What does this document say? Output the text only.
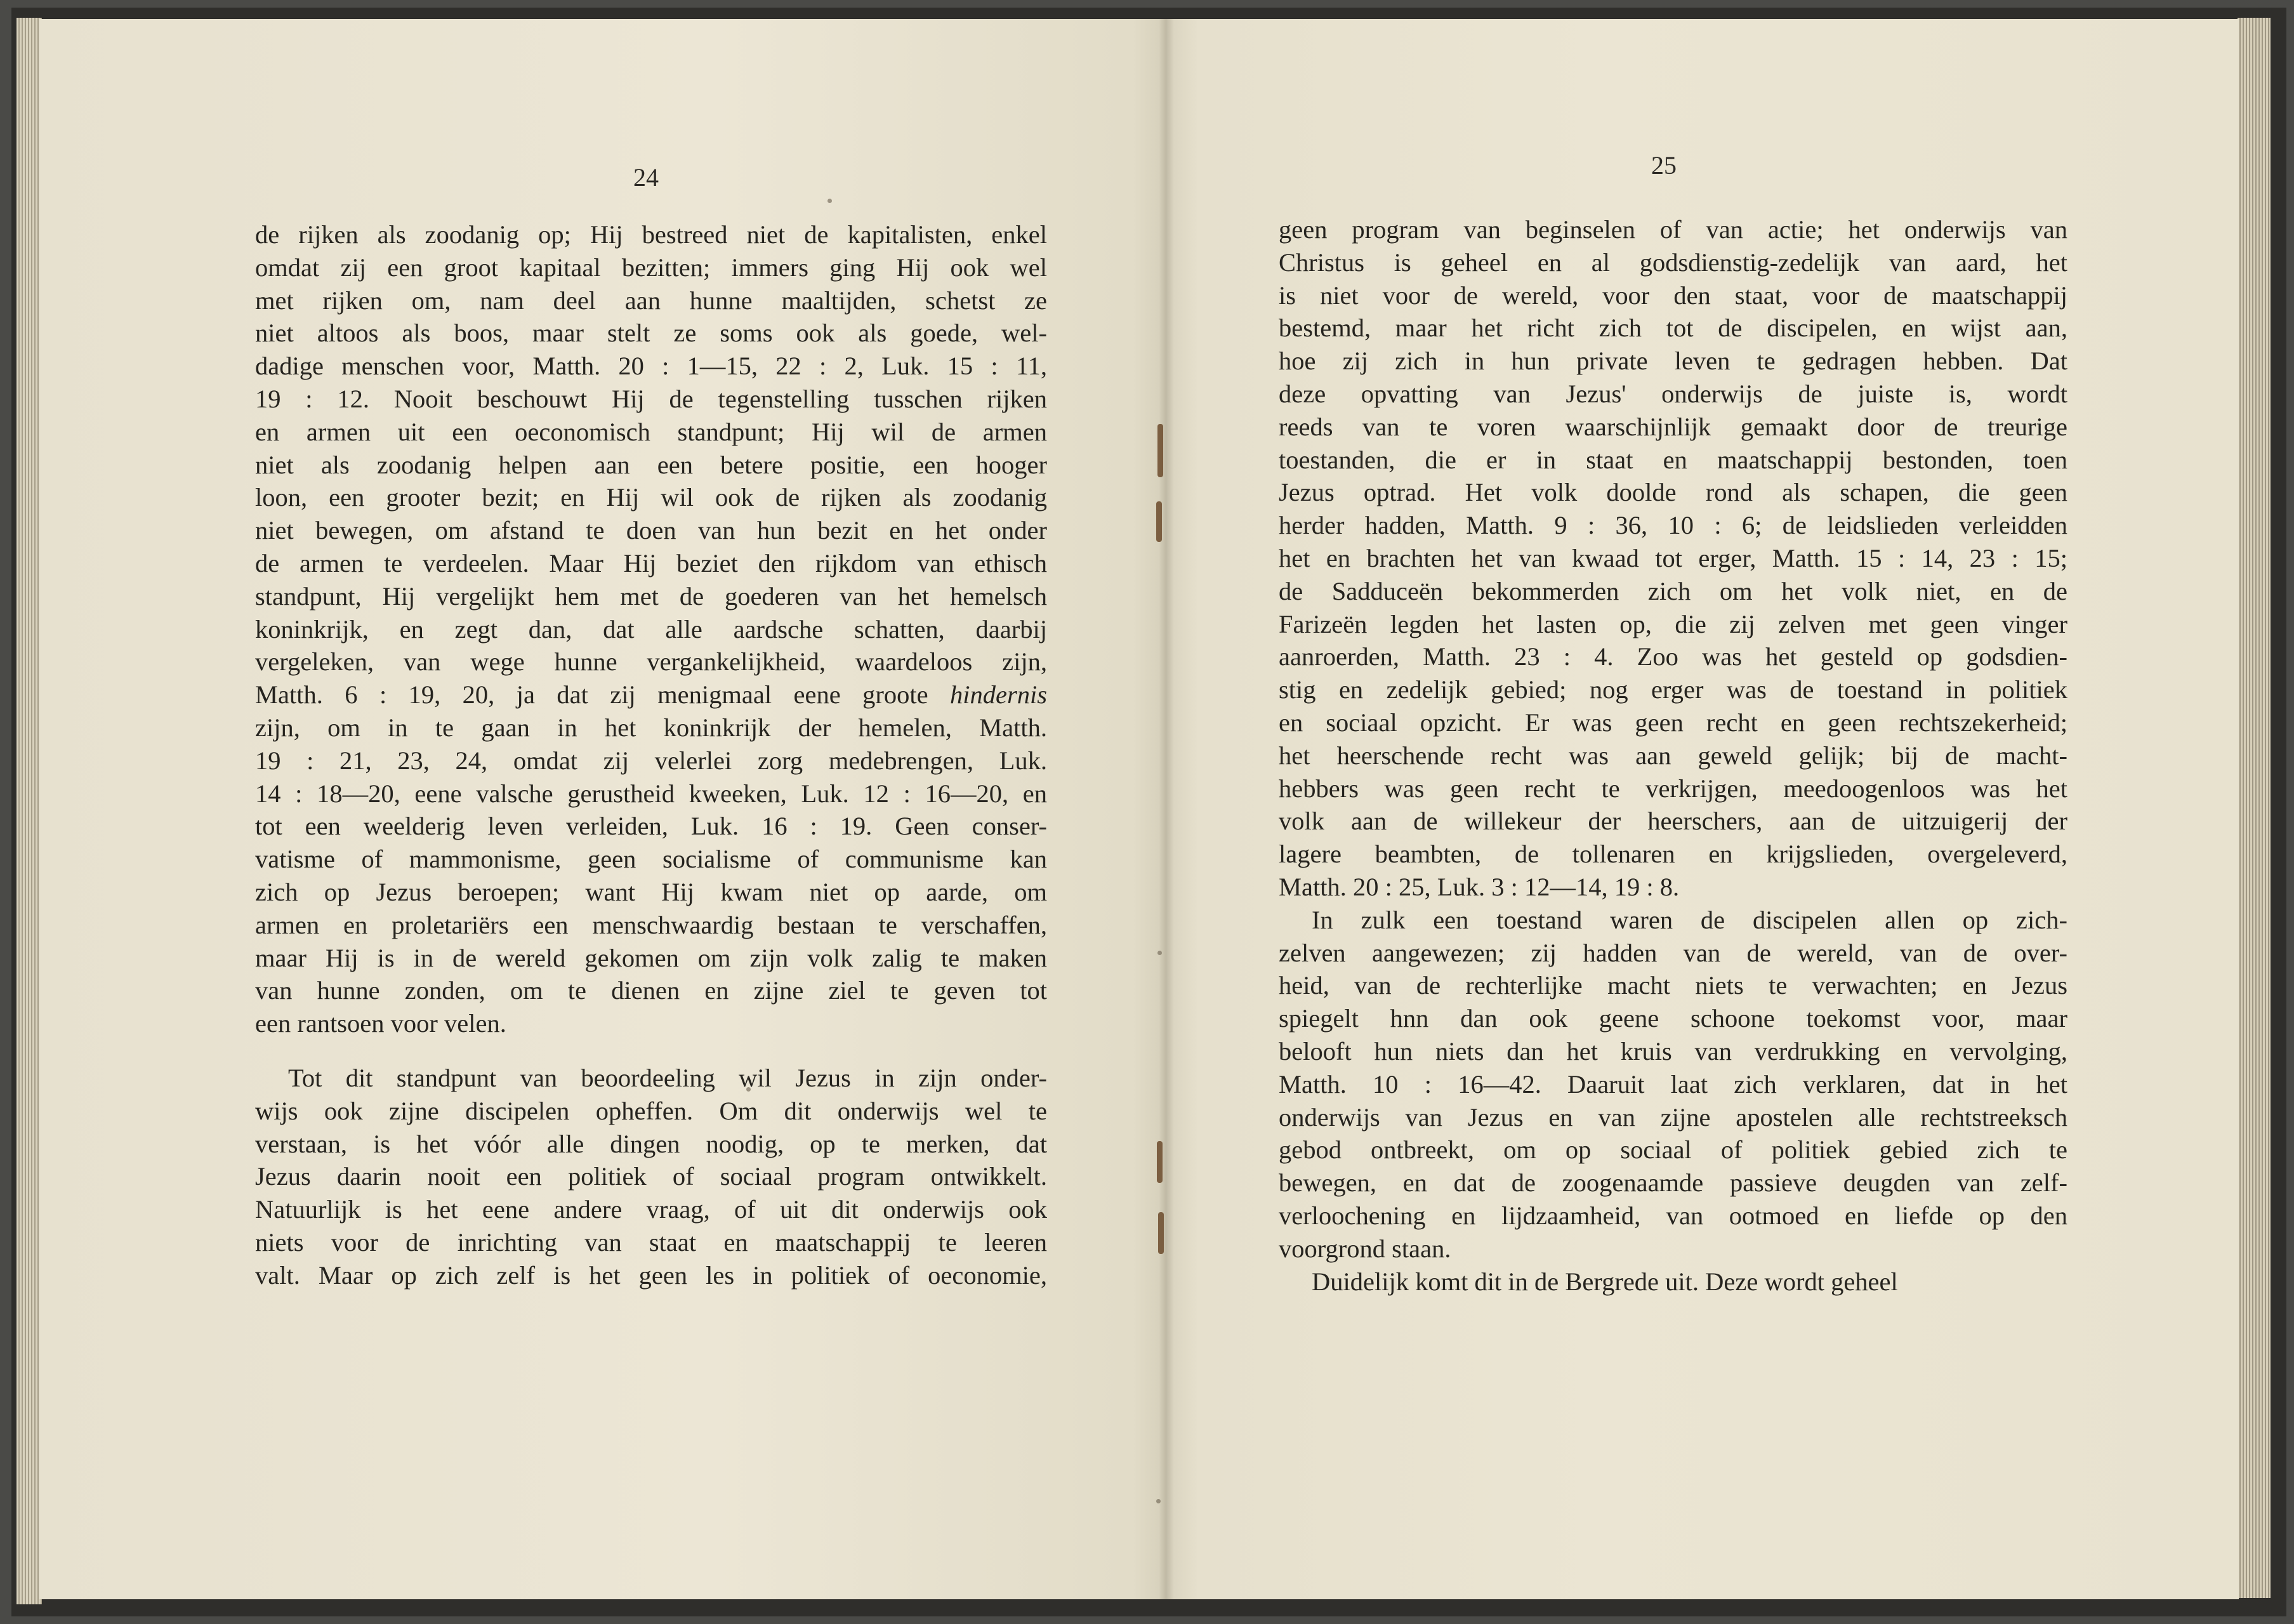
24
de rijken als zoodanig op; Hij bestreed niet de kapitalisten, enkel
omdat zij een groot kapitaal bezitten; immers ging Hij ook wel
met rijken om, nam deel aan hunne maaltijden, schetst ze
niet altoos als boos, maar stelt ze soms ook als goede, wel-
dadige menschen voor, Matth. 20 : 1—15, 22 : 2, Luk. 15 : 11,
19 : 12. Nooit beschouwt Hij de tegenstelling tusschen rijken
en armen uit een oeconomisch standpunt; Hij wil de armen
niet als zoodanig helpen aan een betere positie, een hooger
loon, een grooter bezit; en Hij wil ook de rijken als zoodanig
niet bewegen, om afstand te doen van hun bezit en het onder
de armen te verdeelen. Maar Hij beziet den rijkdom van ethisch
standpunt, Hij vergelijkt hem met de goederen van het hemelsch
koninkrijk, en zegt dan, dat alle aardsche schatten, daarbij
vergeleken, van wege hunne vergankelijkheid, waardeloos zijn,
Matth. 6 : 19, 20, ja dat zij menigmaal eene groote hindernis
zijn, om in te gaan in het koninkrijk der hemelen, Matth.
19 : 21, 23, 24, omdat zij velerlei zorg medebrengen, Luk.
14 : 18—20, eene valsche gerustheid kweeken, Luk. 12 : 16—20, en
tot een weelderig leven verleiden, Luk. 16 : 19. Geen conser-
vatisme of mammonisme, geen socialisme of communisme kan
zich op Jezus beroepen; want Hij kwam niet op aarde, om
armen en proletariërs een menschwaardig bestaan te verschaffen,
maar Hij is in de wereld gekomen om zijn volk zalig te maken
van hunne zonden, om te dienen en zijne ziel te geven tot
een rantsoen voor velen.
Tot dit standpunt van beoordeeling wil Jezus in zijn onder-
wijs ook zijne discipelen opheffen. Om dit onderwijs wel te
verstaan, is het vóór alle dingen noodig, op te merken, dat
Jezus daarin nooit een politiek of sociaal program ontwikkelt.
Natuurlijk is het eene andere vraag, of uit dit onderwijs ook
niets voor de inrichting van staat en maatschappij te leeren
valt. Maar op zich zelf is het geen les in politiek of oeconomie,
25
geen program van beginselen of van actie; het onderwijs van
Christus is geheel en al godsdienstig-zedelijk van aard, het
is niet voor de wereld, voor den staat, voor de maatschappij
bestemd, maar het richt zich tot de discipelen, en wijst aan,
hoe zij zich in hun private leven te gedragen hebben. Dat
deze opvatting van Jezus' onderwijs de juiste is, wordt
reeds van te voren waarschijnlijk gemaakt door de treurige
toestanden, die er in staat en maatschappij bestonden, toen
Jezus optrad. Het volk doolde rond als schapen, die geen
herder hadden, Matth. 9 : 36, 10 : 6; de leidslieden verleidden
het en brachten het van kwaad tot erger, Matth. 15 : 14, 23 : 15;
de Sadduceën bekommerden zich om het volk niet, en de
Farizeën legden het lasten op, die zij zelven met geen vinger
aanroerden, Matth. 23 : 4. Zoo was het gesteld op godsdien-
stig en zedelijk gebied; nog erger was de toestand in politiek
en sociaal opzicht. Er was geen recht en geen rechtszekerheid;
het heerschende recht was aan geweld gelijk; bij de macht-
hebbers was geen recht te verkrijgen, meedoogenloos was het
volk aan de willekeur der heerschers, aan de uitzuigerij der
lagere beambten, de tollenaren en krijgslieden, overgeleverd,
Matth. 20 : 25, Luk. 3 : 12—14, 19 : 8.
In zulk een toestand waren de discipelen allen op zich-
zelven aangewezen; zij hadden van de wereld, van de over-
heid, van de rechterlijke macht niets te verwachten; en Jezus
spiegelt hnn dan ook geene schoone toekomst voor, maar
belooft hun niets dan het kruis van verdrukking en vervolging,
Matth. 10 : 16—42. Daaruit laat zich verklaren, dat in het
onderwijs van Jezus en van zijne apostelen alle rechtstreeksch
gebod ontbreekt, om op sociaal of politiek gebied zich te
bewegen, en dat de zoogenaamde passieve deugden van zelf-
verloochening en lijdzaamheid, van ootmoed en liefde op den
voorgrond staan.
Duidelijk komt dit in de Bergrede uit. Deze wordt geheel
